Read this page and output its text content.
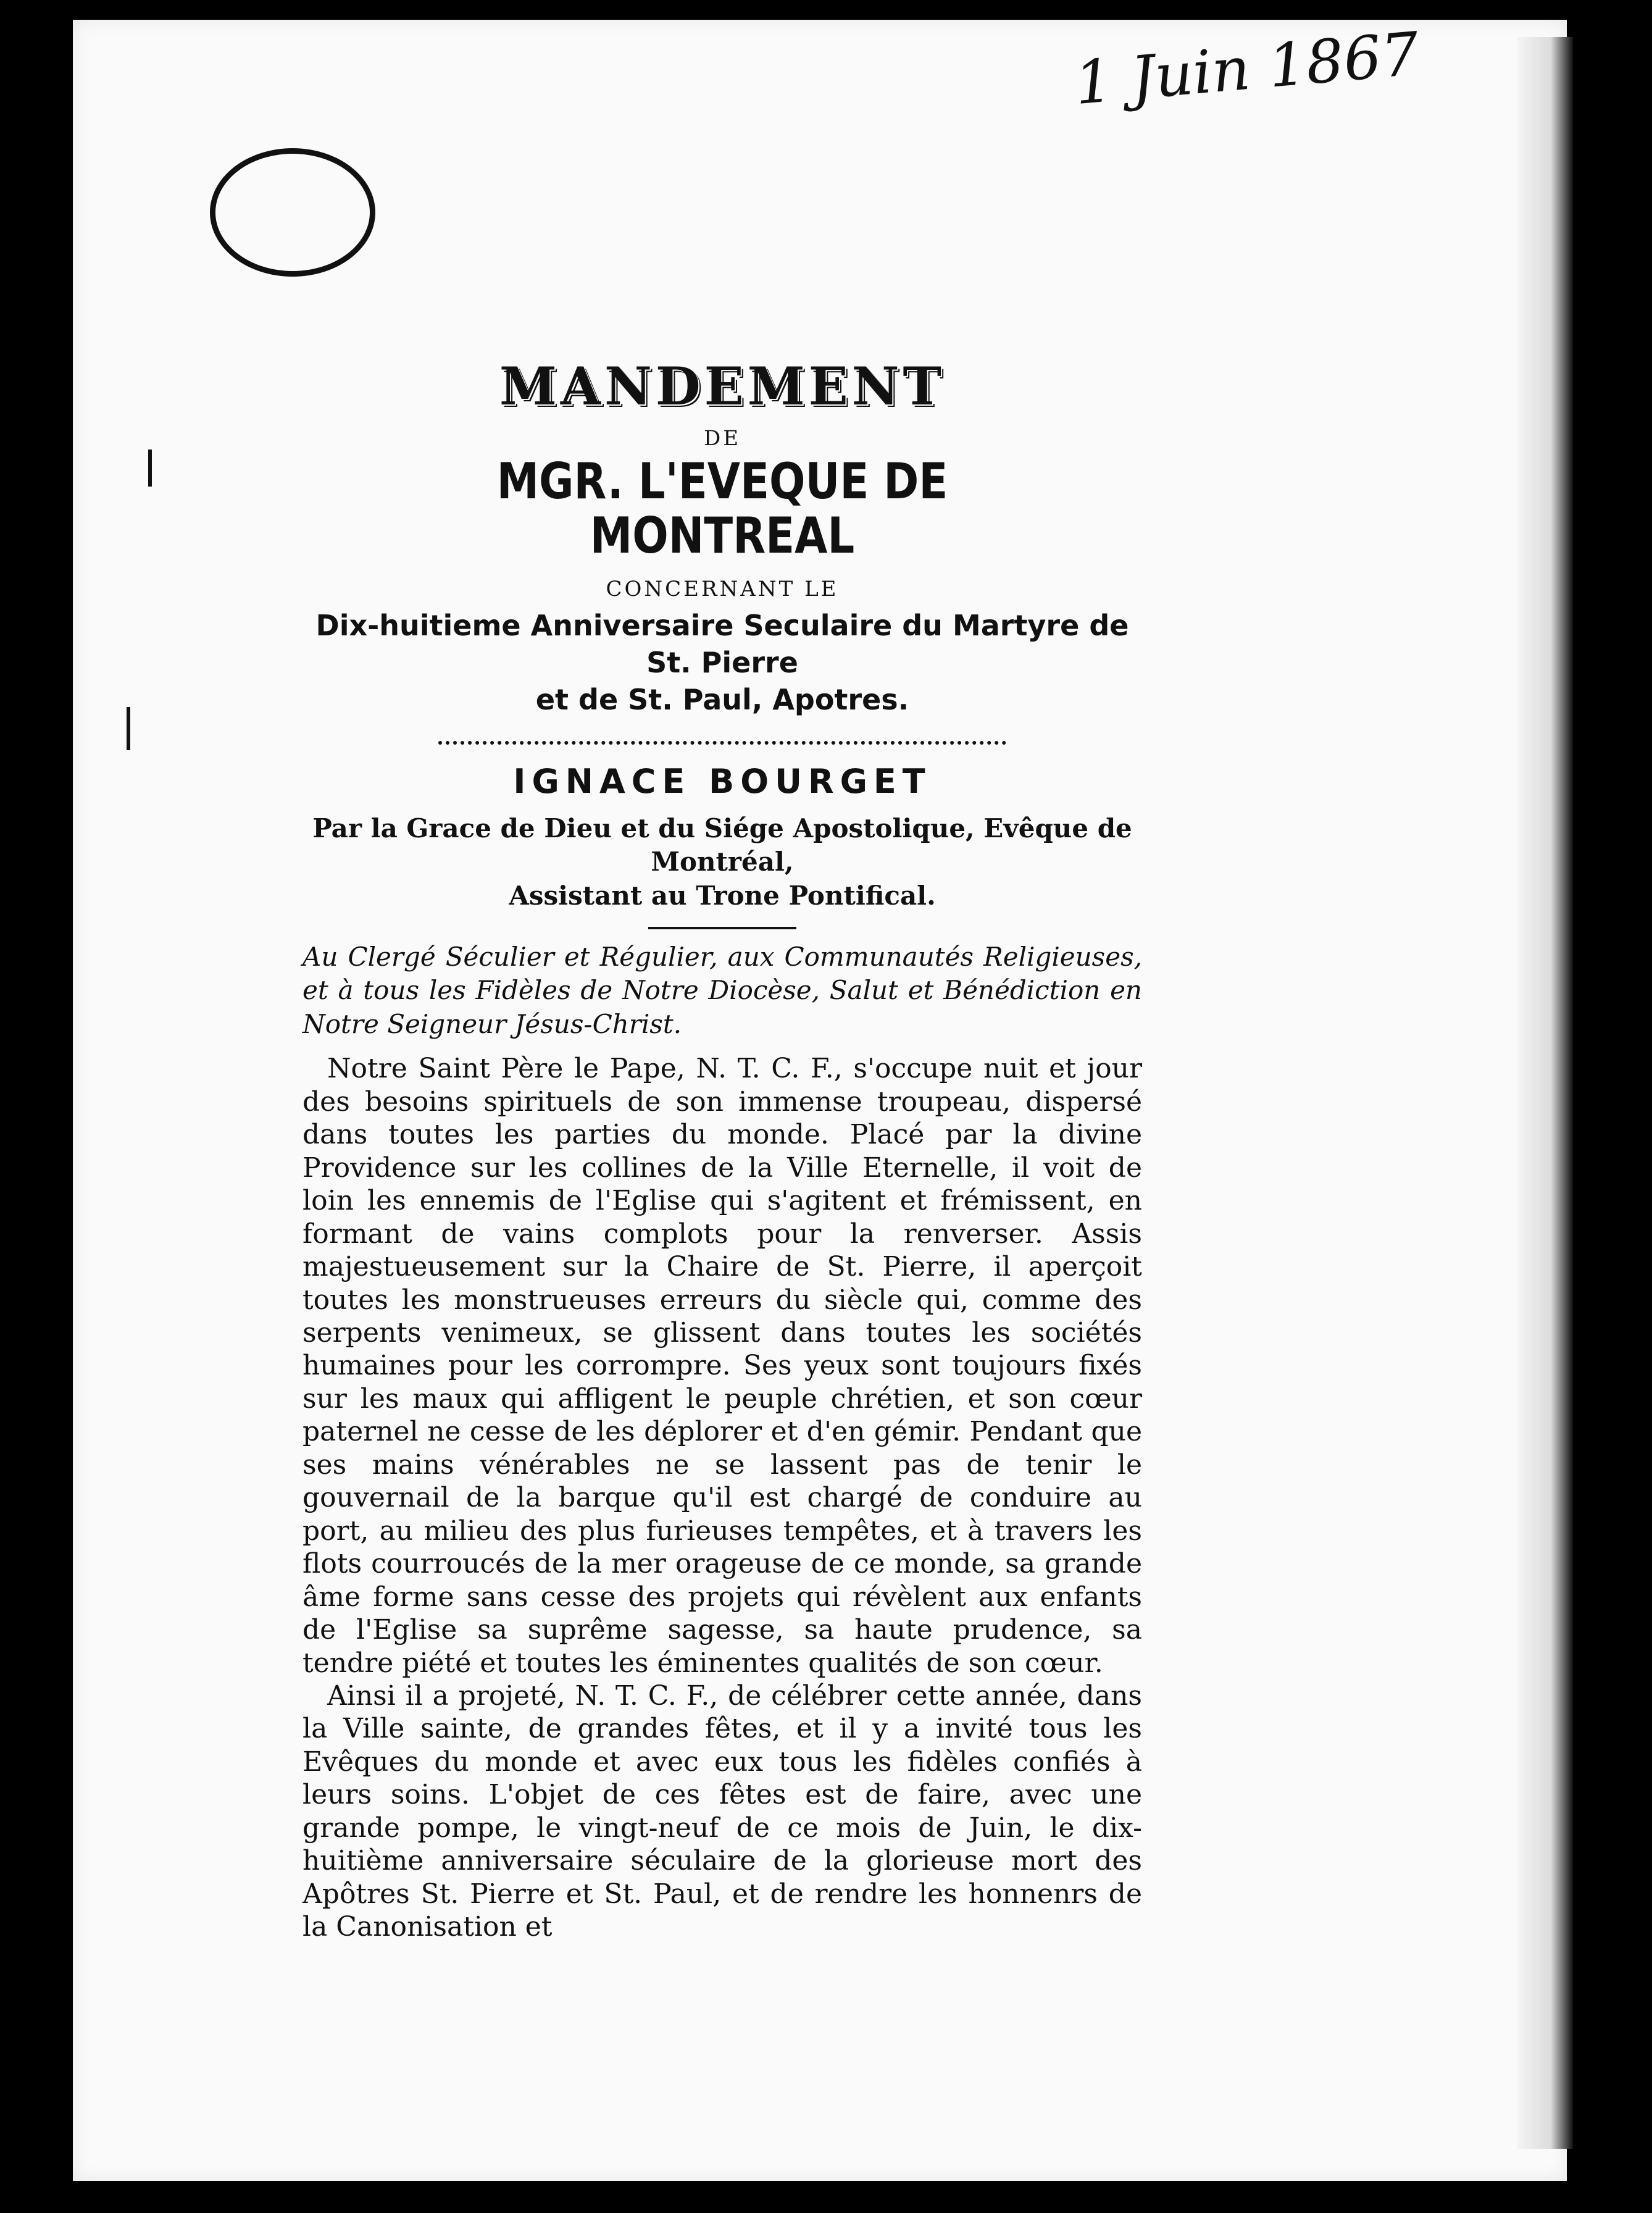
1 Juin 1867
MANDEMENT

DE

MGR. L'EVEQUE DE MONTREAL

CONCERNANT LE

Dix-huitieme Anniversaire Seculaire du Martyre de St. Pierre

et de St. Paul, Apotres.

IGNACE BOURGET

Par la Grace de Dieu et du Siége Apostolique, Evêque de Montréal,
Assistant au Trone Pontifical.

Au Clergé Séculier et Régulier, aux Communautés Religieuses, et à tous les Fidèles de Notre Diocèse, Salut et Bénédiction en Notre Seigneur Jésus-Christ.

Notre Saint Père le Pape, N. T. C. F., s'occupe nuit et jour des besoins spirituels de son immense troupeau, dispersé dans toutes les parties du monde. Placé par la divine Providence sur les collines de la Ville Eternelle, il voit de loin les ennemis de l'Eglise qui s'agitent et frémissent, en formant de vains complots pour la renverser. Assis majestueusement sur la Chaire de St. Pierre, il aperçoit toutes les monstrueuses erreurs du siècle qui, comme des serpents venimeux, se glissent dans toutes les sociétés humaines pour les corrompre. Ses yeux sont toujours fixés sur les maux qui affligent le peuple chrétien, et son cœur paternel ne cesse de les déplorer et d'en gémir. Pendant que ses mains vénérables ne se lassent pas de tenir le gouvernail de la barque qu'il est chargé de conduire au port, au milieu des plus furieuses tempêtes, et à travers les flots courroucés de la mer orageuse de ce monde, sa grande âme forme sans cesse des projets qui révèlent aux enfants de l'Eglise sa suprême sagesse, sa haute prudence, sa tendre piété et toutes les éminentes qualités de son cœur.

Ainsi il a projeté, N. T. C. F., de célébrer cette année, dans la Ville sainte, de grandes fêtes, et il y a invité tous les Evêques du monde et avec eux tous les fidèles confiés à leurs soins. L'objet de ces fêtes est de faire, avec une grande pompe, le vingt-neuf de ce mois de Juin, le dix-huitième anniversaire séculaire de la glorieuse mort des Apôtres St. Pierre et St. Paul, et de rendre les honnenrs de la Canonisation et
